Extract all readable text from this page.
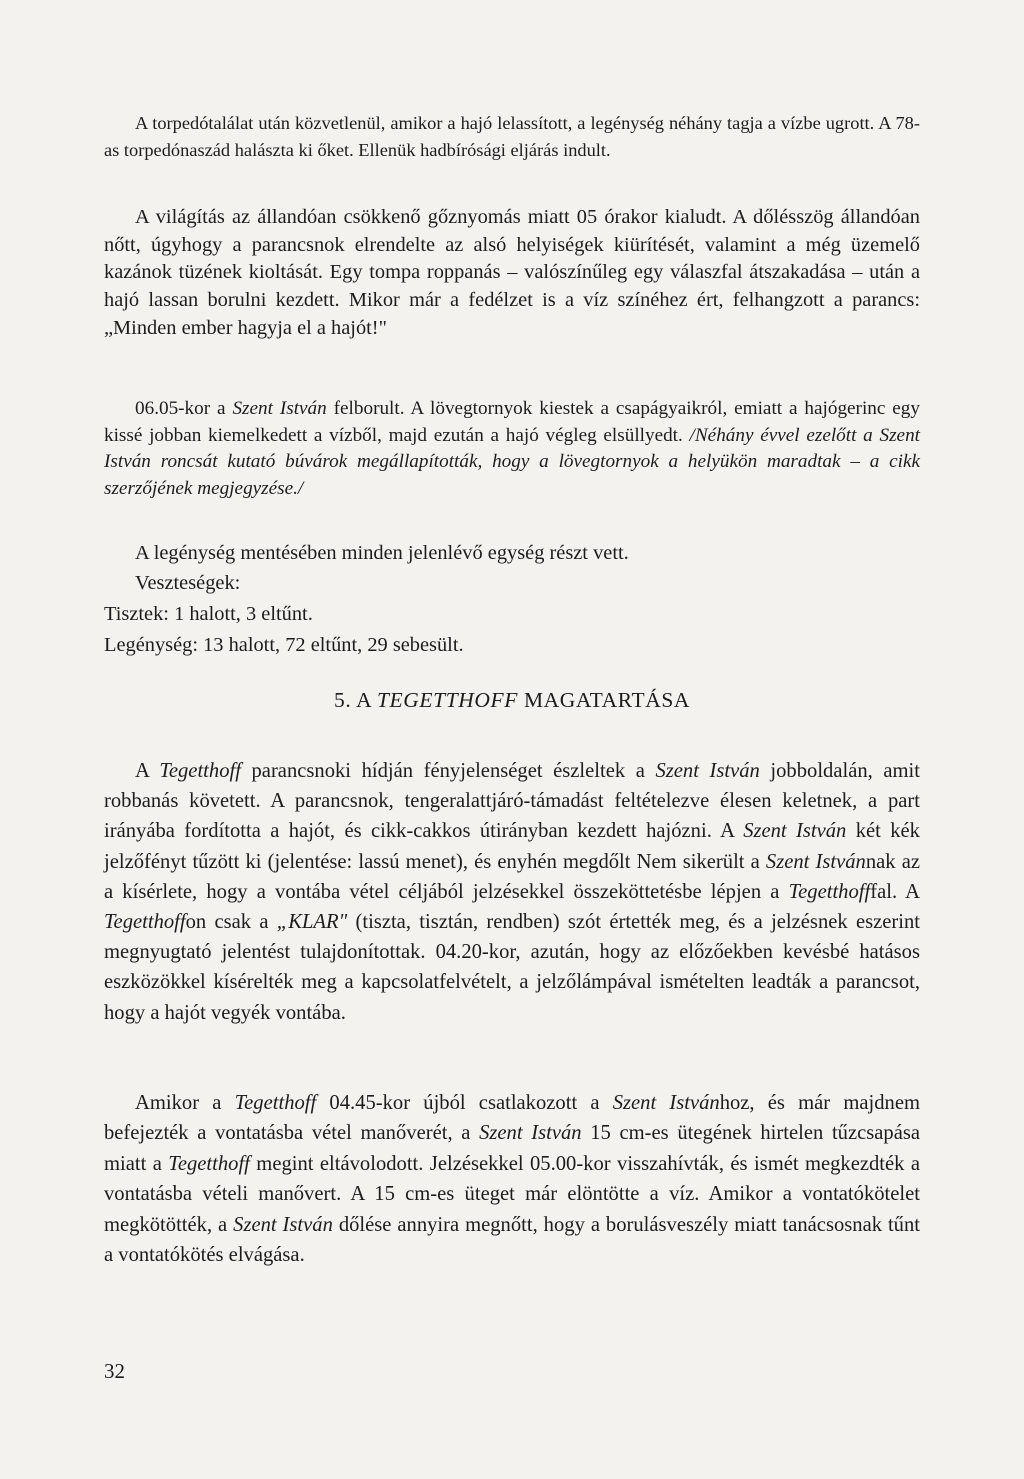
A torpedótalálat után közvetlenül, amikor a hajó lelassított, a legénység néhány tagja a vízbe ugrott. A 78-as torpedónaszád halászta ki őket. Ellenük hadbírósági eljárás indult.

A világítás az állandóan csökkenő gőznyomás miatt 05 órakor kialudt. A dőlésszög állandóan nőtt, úgyhogy a parancsnok elrendelte az alsó helyiségek kiürítését, valamint a még üzemelő kazánok tüzének kioltását. Egy tompa roppanás – valószínűleg egy válaszfal átszakadása – után a hajó lassan borulni kezdett. Mikor már a fedélzet is a víz színéhez ért, felhangzott a parancs: „Minden ember hagyja el a hajót!"

06.05-kor a Szent István felborult. A lövegtornyok kiestek a csapágyaikról, emiatt a hajógerinc egy kissé jobban kiemelkedett a vízből, majd ezután a hajó végleg elsüllyedt. /Néhány évvel ezelőtt a Szent István roncsát kutató búvárok megállapították, hogy a lövegtornyok a helyükön maradtak – a cikk szerzőjének megjegyzése./

A legénység mentésében minden jelenlévő egység részt vett.

Veszteségek:

Tisztek: 1 halott, 3 eltűnt.

Legénység: 13 halott, 72 eltűnt, 29 sebesült.

5. A TEGETTHOFF MAGATARTÁSA

A Tegetthoff parancsnoki hídján fényjelenséget észleltek a Szent István jobboldalán, amit robbanás követett. A parancsnok, tengeralattjáró-támadást feltételezve élesen keletnek, a part irányába fordította a hajót, és cikk-cakkos útirányban kezdett hajózni. A Szent István két kék jelzőfényt tűzött ki (jelentése: lassú menet), és enyhén megdőlt Nem sikerült a Szent Istvánnak az a kísérlete, hogy a vontába vétel céljából jelzésekkel összeköttetésbe lépjen a Tegetthofffal. A Tegetthoffon csak a „KLAR" (tiszta, tisztán, rendben) szót értették meg, és a jelzésnek eszerint megnyugtató jelentést tulajdonítottak. 04.20-kor, azután, hogy az előzőekben kevésbé hatásos eszközökkel kísérelték meg a kapcsolatfelvételt, a jelzőlámpával ismételten leadták a parancsot, hogy a hajót vegyék vontába.

Amikor a Tegetthoff 04.45-kor újból csatlakozott a Szent Istvánhoz, és már majdnem befejezték a vontatásba vétel manőverét, a Szent István 15 cm-es ütegének hirtelen tűzcsapása miatt a Tegetthoff megint eltávolodott. Jelzésekkel 05.00-kor visszahívták, és ismét megkezdték a vontatásba vételi manővert. A 15 cm-es üteget már elöntötte a víz. Amikor a vontatókötelet megkötötték, a Szent István dőlése annyira megnőtt, hogy a borulásveszély miatt tanácsosnak tűnt a vontatókötés elvágása.

32
